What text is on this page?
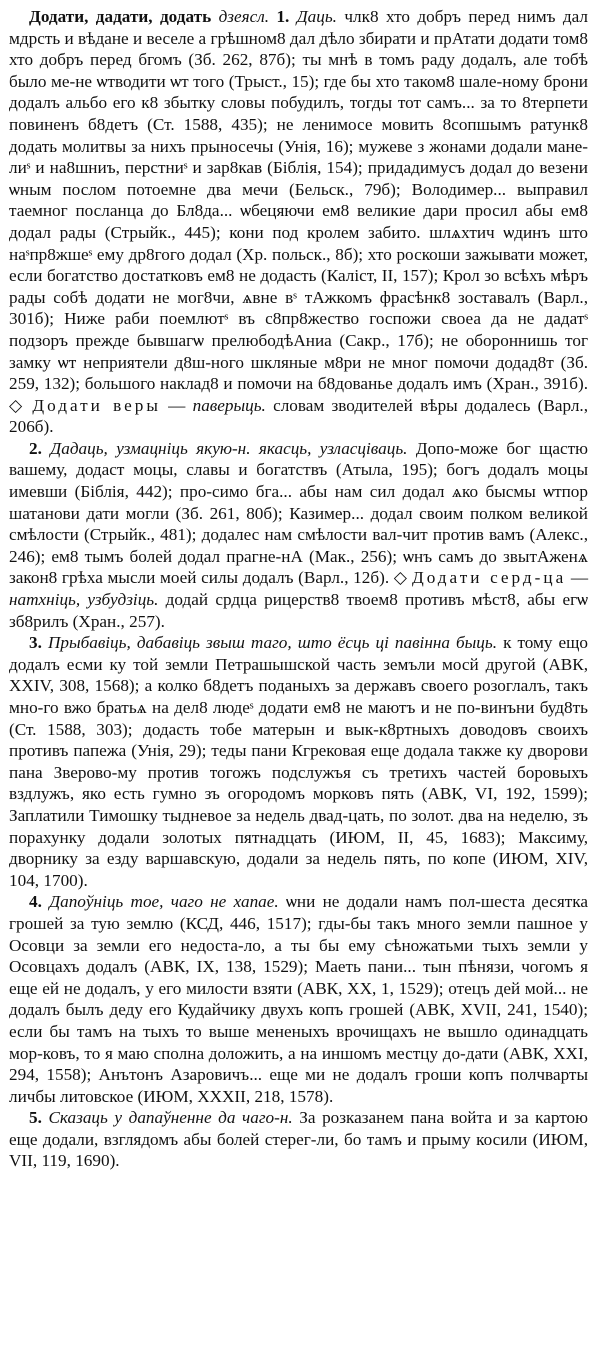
Додати, дадати, додать дзеясл. 1. Даць. члк8 хто добръ перед нимъ дал мдрсть и вѣдане и веселе а грѣшном8 дал дѣло збирати и прАтати додати том8 хто добръ перед бгомъ (Зб. 262, 87б); ты мнѣ в томъ раду додалъ, але тобѣ было ме-не ѡтводити ѡт того (Трыст., 15); где бы хто таком8 шале-ному брони додалъ альбо его к8 збытку словы побудилъ, тогды тот самъ... за то 8терпети повиненъ б8детъ (Ст. 1588, 435); не ленимосе мовить 8сопшымъ ратунк8 додать молитвы за нихъ прыносечы (Унія, 16); мужеве з жонами додали мане-лиˢ и на8шниъ, перстниˢ и зар8кав (Біблія, 154); придадимусъ додал до везени ѡным послом потоемне два мечи (Бельск., 79б); Володимер... выправил таемног посланца до Бл8да... ѡбецяючи ем8 великие дари просил абы ем8 додал рады (Стрыйк., 445); кони под кролем забито. шлѧхтич ѡдинъ што наˢпр8жшеˢ ему др8гого додал (Хр. польск., 8б); хто роскоши зажывати может, если богатство достатковъ ем8 не додасть (Каліст, II, 157); Крол зо всѣхъ мѣръ рады собѣ додати не мог8чи, ѧвне вˢ тАжкомъ фрасѣнк8 зоставалъ (Варл., 301б); Ниже раби поемлютˢ въ с8пр8жество госпожи своеа да не дадатˢ подзоръ прежде бывшагѡ прелюбодѣАниа (Сакр., 17б); не обороннишь тог замку ѡт неприятели д8ш-ного шкляные м8ри не мног помочи додад8т (Зб. 259, 132); большого наклад8 и помочи на б8дованье додалъ имъ (Хран., 391б). ◇ Додати веры — паверыць. словам зводителей вѣры додалесь (Варл., 206б).

2. Дадаць, узмацніць якую-н. якасць, узласціваць. Допо-може бог щастю вашему, додаст моцы, славы и богатствъ (Атыла, 195); богъ додалъ моцы имевши (Біблія, 442); про-симо бга... абы нам сил додал ѧко бысмы ѡтпор шатанови дати могли (Зб. 261, 80б); Казимер... додал своим полком великой смѣлости (Стрыйк., 481); додалес нам смѣлости вал-чит против вамъ (Алекс., 246); ем8 тымъ болей додал прагне-нА (Мак., 256); ѡнъ самъ до звытАженѧ закон8 грѣха мысли моей силы додалъ (Варл., 12б). ◇ Додати серд-ца — натхніць, узбудзіць. додай срдца рицерств8 твоем8 противъ мѣст8, абы егѡ зб8рилъ (Хран., 257).

3. Прыбавіць, дабавіць звыш таго, што ёсць ці павінна быць. к тому ещо додалъ есми ку той земли Петрашышской часть земъли мосй другой (АВК, XXIV, 308, 1568); а колко б8детъ поданыхъ за державъ своего розоглалъ, такъ мно-го вжо братьѧ на дел8 людеˢ додати ем8 не маютъ и не по-винъни буд8ть (Ст. 1588, 303); додасть тобе матерын и вык-к8ртныхъ доводовъ своихъ противъ папежа (Унія, 29); теды пани Кгрековая еще додала также ку дворови пана Зверово-му против тогожъ подслужъя съ третихъ частей боровыхъ вздлужъ, яко есть гумно зъ огородомъ морковъ пять (АВК, VI, 192, 1599); Заплатили Тимошку тыдневое за недель двад-цать, по золот. два на неделю, зъ порахунку додали золотых пятнадцать (ИЮМ, II, 45, 1683); Максиму, дворнику за езду варшавскую, додали за недель пять, по копе (ИЮМ, XIV, 104, 1700).

4. Дапоўніць тое, чаго не хапае. ѡни не додали намъ пол-шеста десятка грошей за тую землю (КСД, 446, 1517); гды-бы такъ много земли пашное у Осовци за земли его недоста-ло, а ты бы ему сѣножатьми тыхъ земли у Осовцахъ додалъ (АВК, IX, 138, 1529); Маеть пани... тын пѣнязи, чогомъ я еще ей не додалъ, у его милости взяти (АВК, XX, 1, 1529); отецъ дей мой... не додалъ былъ деду его Кудайчику двухъ копъ грошей (АВК, XVII, 241, 1540); если бы тамъ на тыхъ то выше мененыхъ врочищахъ не вышло одинадцать мор-ковъ, то я маю сполна доложить, а на иншомъ местцу до-дати (АВК, XXI, 294, 1558); Анътонъ Азаровичъ... еще ми не додалъ гроши копъ полчварты личбы литовское (ИЮМ, XXXII, 218, 1578).

5. Сказаць у дапаўненне да чаго-н. За розказанем пана войта и за картою еще додали, взглядомъ абы болей стерег-ли, бо тамъ и прыму косили (ИЮМ, VII, 119, 1690).
